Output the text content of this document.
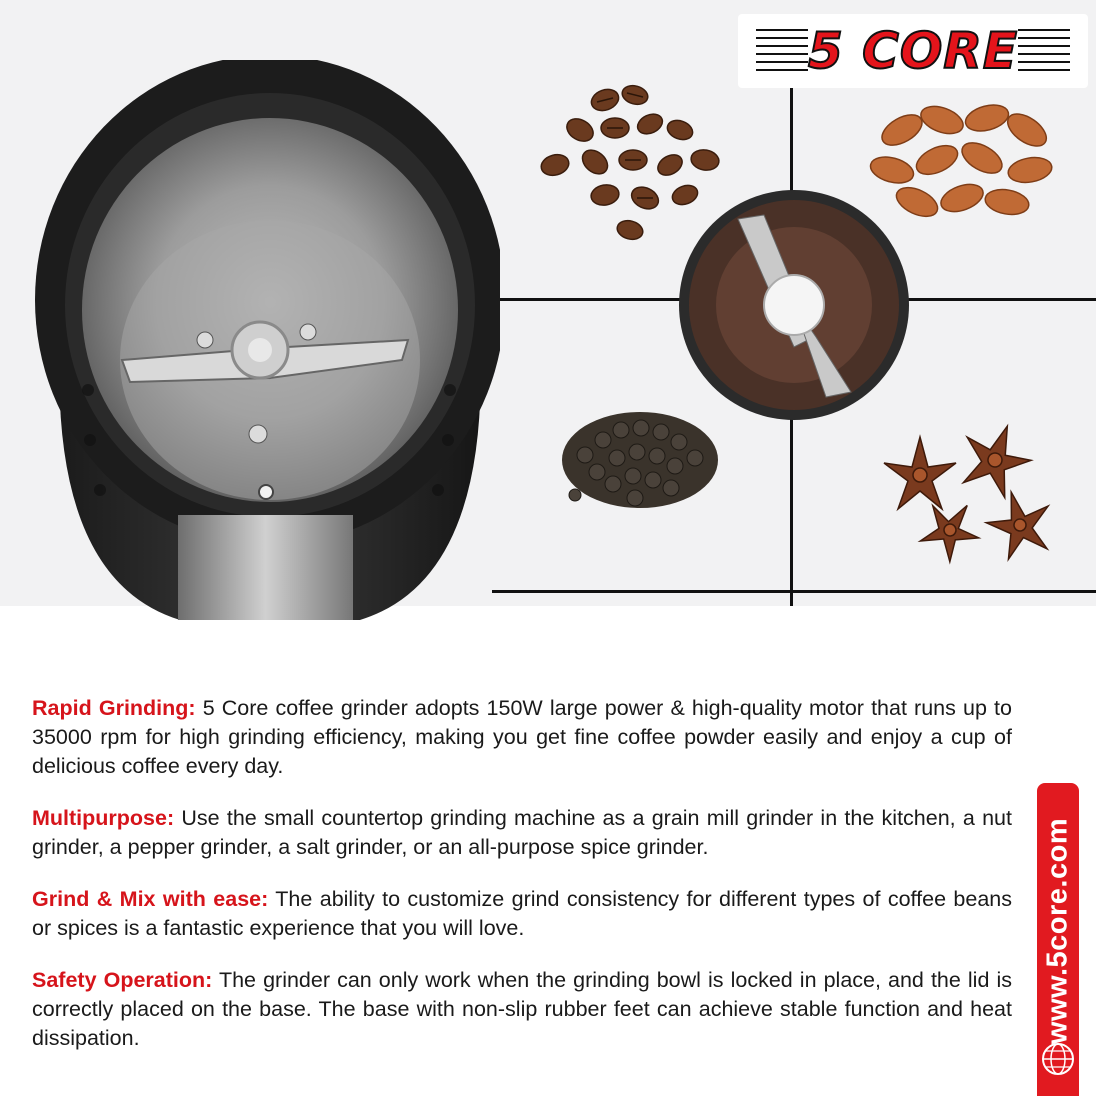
5 CORE

Rapid Grinding: 5 Core coffee grinder adopts 150W large power & high-quality motor that runs up to 35000 rpm for high grinding efficiency, making you get fine coffee powder easily and enjoy a cup of delicious coffee every day.

Multipurpose: Use the small countertop grinding machine as a grain mill grinder in the kitchen, a nut grinder, a pepper grinder, a salt grinder, or an all-purpose spice grinder.

Grind & Mix with ease: The ability to customize grind consistency for different types of coffee beans or spices is a fantastic experience that you will love.

Safety Operation: The grinder can only work when the grinding bowl is locked in place, and the lid is correctly placed on the base. The base with non-slip rubber feet can achieve stable function and heat dissipation.	www.5core.com
